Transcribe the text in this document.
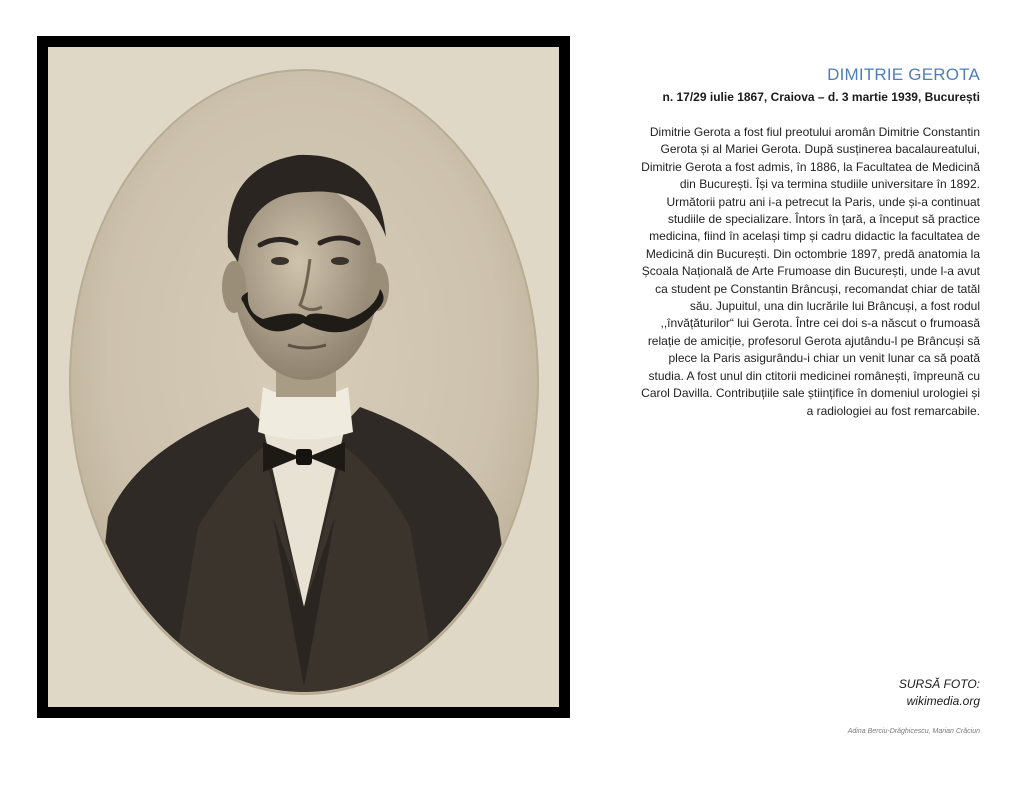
DIMITRIE GEROTA
n. 17/29 iulie 1867, Craiova – d. 3 martie 1939, București
Dimitrie Gerota a fost fiul preotului aromân Dimitrie Constantin
Gerota și al Mariei Gerota. După susținerea bacalaureatului,
Dimitrie Gerota a fost admis, în 1886, la Facultatea de Medicină
din București. Își va termina studiile universitare în 1892.
Următorii patru ani i-a petrecut la Paris, unde și-a continuat
studiile de specializare. Întors în țară, a început să practice
medicina, fiind în același timp și cadru didactic la facultatea de
Medicină din București. Din octombrie 1897, predă anatomia la
Școala Națională de Arte Frumoase din București, unde l-a avut
ca student pe Constantin Brâncuși, recomandat chiar de tatăl
său. Jupuitul, una din lucrările lui Brâncuși, a fost rodul
,,învățăturilor“ lui Gerota. Între cei doi s-a născut o frumoasă
relație de amiciție, profesorul Gerota ajutându-l pe Brâncuși să
plece la Paris asigurându-i chiar un venit lunar ca să poată
studia. A fost unul din ctitorii medicinei românești, împreună cu
Carol Davilla. Contribuțiile sale științifice în domeniul urologiei și
a radiologiei au fost remarcabile.
SURSĂ FOTO:
wikimedia.org
Adina Berciu-Drăghicescu, Marian Crăciun
